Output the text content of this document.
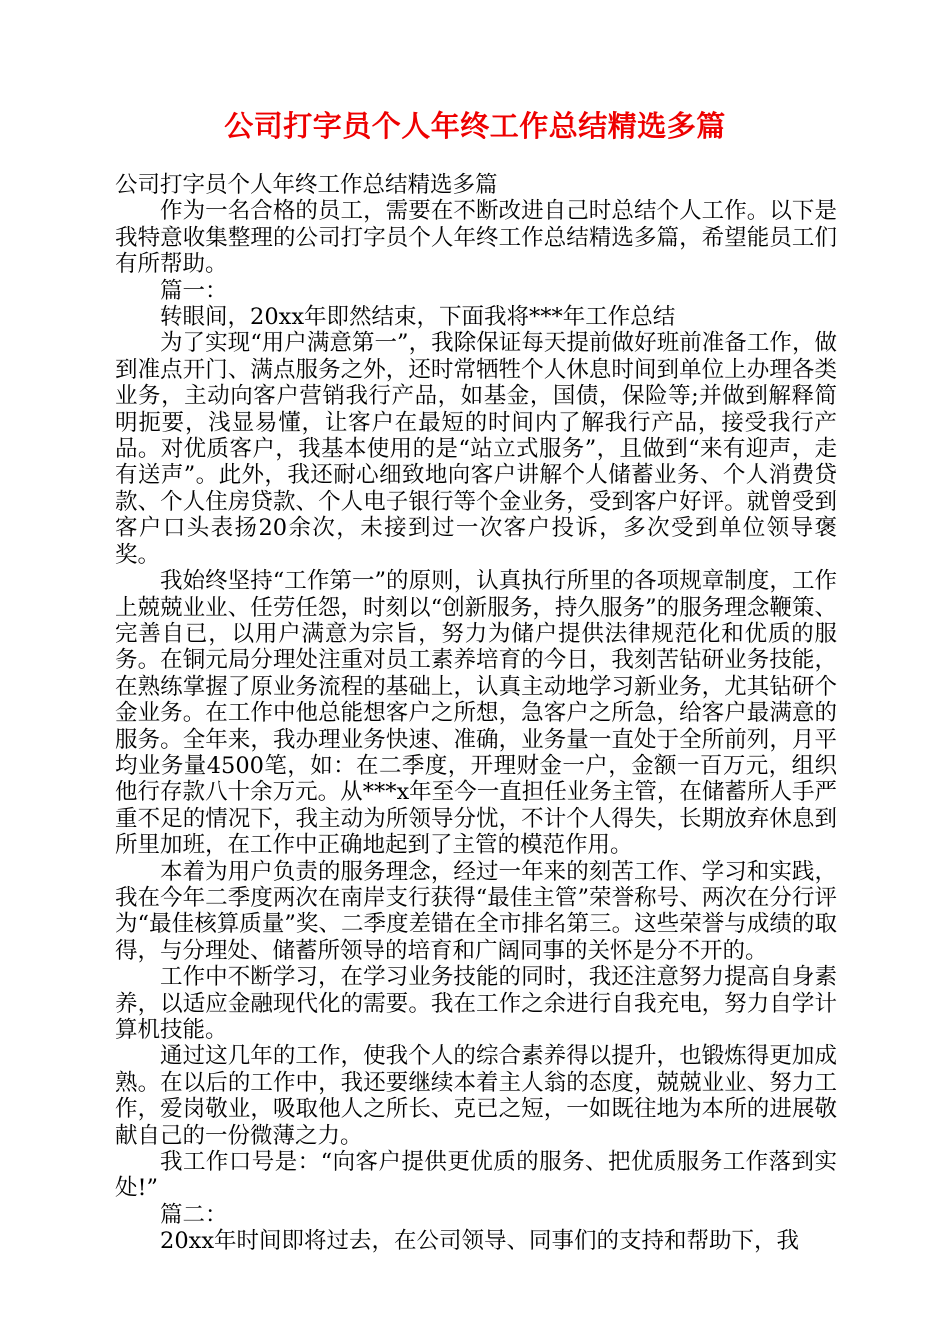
公司打字员个人年终工作总结精选多篇

公司打字员个人年终工作总结精选多篇

作为一名合格的员工，需要在不断改进自己时总结个人工作。以下是我特意收集整理的公司打字员个人年终工作总结精选多篇，希望能员工们有所帮助。

篇一：

转眼间，20xx年即然结束，下面我将***年工作总结

为了实现“用户满意第一”，我除保证每天提前做好班前准备工作，做到准点开门、满点服务之外，还时常牺牲个人休息时间到单位上办理各类业务，主动向客户营销我行产品，如基金，国债，保险等;并做到解释简明扼要，浅显易懂，让客户在最短的时间内了解我行产品，接受我行产品。对优质客户，我基本使用的是“站立式服务”，且做到“来有迎声，走有送声”。此外，我还耐心细致地向客户讲解个人储蓄业务、个人消费贷款、个人住房贷款、个人电子银行等个金业务，受到客户好评。就曾受到客户口头表扬20余次，未接到过一次客户投诉，多次受到单位领导褒奖。

我始终坚持“工作第一”的原则，认真执行所里的各项规章制度，工作上兢兢业业、任劳任怨，时刻以“创新服务，持久服务”的服务理念鞭策、完善自已，以用户满意为宗旨，努力为储户提供法律规范化和优质的服务。在铜元局分理处注重对员工素养培育的今日，我刻苦钻研业务技能，在熟练掌握了原业务流程的基础上，认真主动地学习新业务，尤其钻研个金业务。在工作中他总能想客户之所想，急客户之所急，给客户最满意的服务。全年来，我办理业务快速、准确，业务量一直处于全所前列，月平均业务量4500笔，如：在二季度，开理财金一户，金额一百万元，组织他行存款八十余万元。从***x年至今一直担任业务主管，在储蓄所人手严重不足的情况下，我主动为所领导分忧，不计个人得失，长期放弃休息到所里加班，在工作中正确地起到了主管的模范作用。

本着为用户负责的服务理念，经过一年来的刻苦工作、学习和实践，我在今年二季度两次在南岸支行获得“最佳主管”荣誉称号、两次在分行评为“最佳核算质量”奖、二季度差错在全市排名第三。这些荣誉与成绩的取得，与分理处、储蓄所领导的培育和广阔同事的关怀是分不开的。

工作中不断学习，在学习业务技能的同时，我还注意努力提高自身素养，以适应金融现代化的需要。我在工作之余进行自我充电，努力自学计算机技能。

通过这几年的工作，使我个人的综合素养得以提升，也锻炼得更加成熟。在以后的工作中，我还要继续本着主人翁的态度，兢兢业业、努力工作，爱岗敬业，吸取他人之所长、克已之短，一如既往地为本所的进展敬献自己的一份微薄之力。

我工作口号是：“向客户提供更优质的服务、把优质服务工作落到实处!”

篇二：

20xx年时间即将过去，在公司领导、同事们的支持和帮助下，我
